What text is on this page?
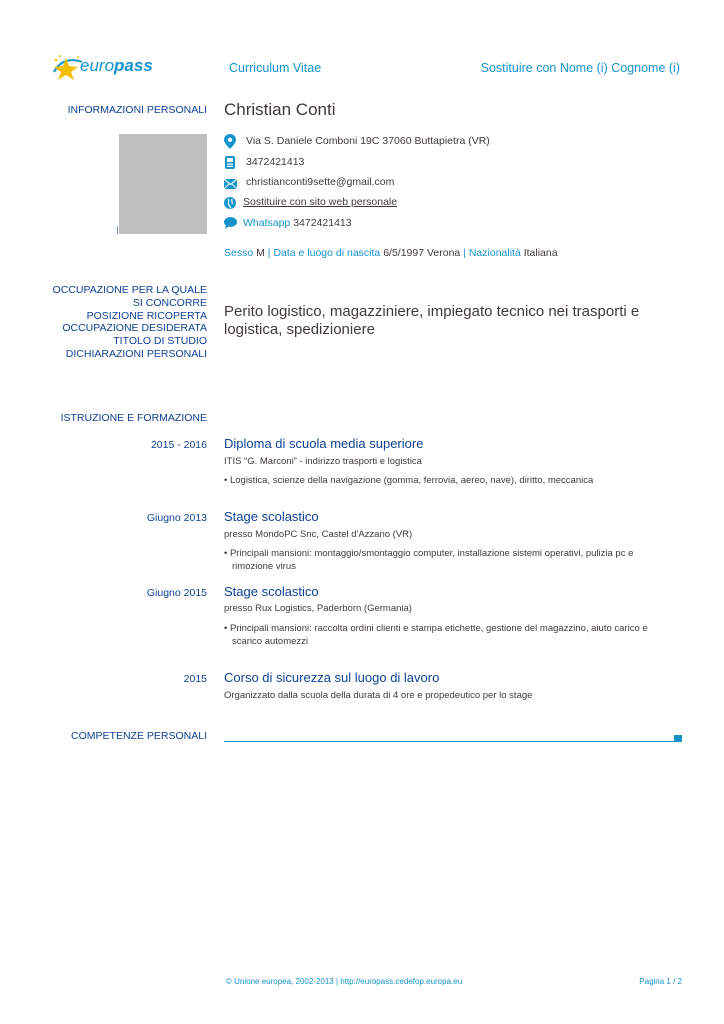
europass	Curriculum Vitae	Sostituire con Nome (i) Cognome (i)
INFORMAZIONI PERSONALI Christian Conti
Via S. Daniele Comboni 19C 37060 Buttapietra (VR)
3472421413
christianconti9sette@gmail.com
Sostituire con sito web personale
Whatsapp 3472421413
Sesso M | Data e luogo di nascita 6/5/1997 Verona | Nazionalità Italiana
OCCUPAZIONE PER LA QUALE
SI CONCORRE
POSIZIONE RICOPERTA
OCCUPAZIONE DESIDERATA
TITOLO DI STUDIO
DICHIARAZIONI PERSONALI
Perito logistico, magazziniere, impiegato tecnico nei trasporti e
logistica, spedizioniere
ISTRUZIONE E FORMAZIONE
2015 - 2016 Diploma di scuola media superiore
ITIS “G. Marconi” - indirizzo trasporti e logistica
• Logistica, scienze della navigazione (gomma, ferrovia, aereo, nave), diritto, meccanica
Giugno 2013 Stage scolastico
presso MondoPC Snc, Castel d'Azzano (VR)
• Principali mansioni: montaggio/smontaggio computer, installazione sistemi operativi, pulizia pc e
rimozione virus
Giugno 2015 Stage scolastico
presso Rux Logistics, Paderborn (Germania)
• Principali mansioni: raccolta ordini clienti e stampa etichette, gestione del magazzino, aiuto carico e
scarico automezzi
2015 Corso di sicurezza sul luogo di lavoro
Organizzato dalla scuola della durata di 4 ore e propedeutico per lo stage
COMPETENZE PERSONALI
© Unione europea, 2002-2013 | http://europass.cedefop.europa.eu	Pagina 1 / 2
